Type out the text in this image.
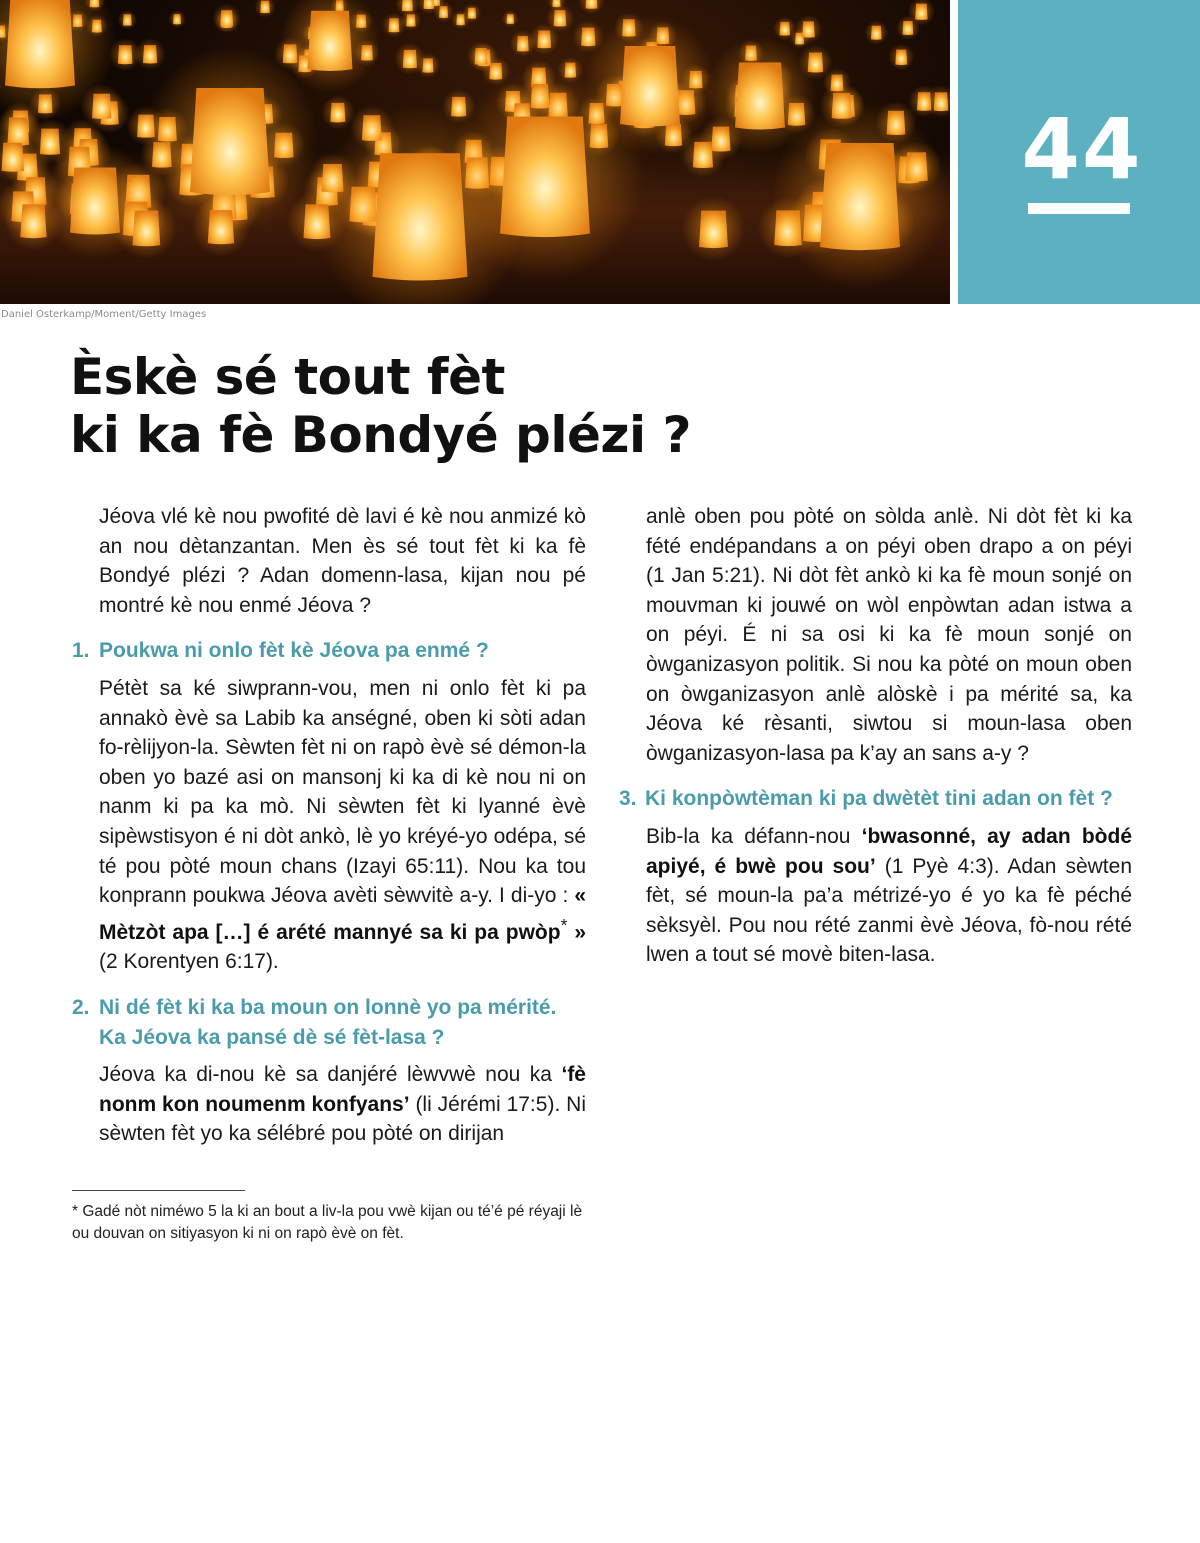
44
Daniel Osterkamp/Moment/Getty Images
Èskè sé tout fèt
ki ka fè Bondyé plézi ?

Jéova vlé kè nou pwofité dè lavi é kè nou anmizé kò an nou dètanzantan. Men ès sé tout fèt ki ka fè Bondyé plézi ? Adan domenn-lasa, kijan nou pé montré kè nou enmé Jéova ?

1. Poukwa ni onlo fèt kè Jéova pa enmé ?

Pétèt sa ké siwprann-vou, men ni onlo fèt ki pa annakò èvè sa Labib ka anségné, oben ki sòti adan fo-rèlijyon-la. Sèwten fèt ni on rapò èvè sé démon-la oben yo bazé asi on mansonj ki ka di kè nou ni on nanm ki pa ka mò. Ni sèwten fèt ki lyanné èvè sipèwstisyon é ni dòt ankò, lè yo kréyé-yo odépa, sé té pou pòté moun chans (Izayi 65:11). Nou ka tou konprann poukwa Jéova avèti sèwvitè a-y. I di-yo : « Mètzòt apa […] é arété mannyé sa ki pa pwòp* » (2 Korentyen 6:17).

2. Ni dé fèt ki ka ba moun on lonnè yo pa mérité. Ka Jéova ka pansé dè sé fèt-lasa ?

Jéova ka di-nou kè sa danjéré lèwvwè nou ka ‘fè nonm kon noumenm konfyans’ (li Jérémi 17:5). Ni sèwten fèt yo ka sélébré pou pòté on dirijan

* Gadé nòt niméwo 5 la ki an bout a liv-la pou vwè kijan ou té’é pé réyaji lè ou douvan on sitiyasyon ki ni on rapò èvè on fèt.

anlè oben pou pòté on sòlda anlè. Ni dòt fèt ki ka fété endépandans a on péyi oben drapo a on péyi (1 Jan 5:21). Ni dòt fèt ankò ki ka fè moun sonjé on mouvman ki jouwé on wòl enpòwtan adan istwa a on péyi. É ni sa osi ki ka fè moun sonjé on òwganizasyon politik. Si nou ka pòté on moun oben on òwganizasyon anlè alòskè i pa mérité sa, ka Jéova ké rèsanti, siwtou si moun-lasa oben òwganizasyon-lasa pa k’ay an sans a-y ?

3. Ki konpòwtèman ki pa dwètèt tini adan on fèt ?

Bib-la ka défann-nou ‘bwasonné, ay adan bòdé apiyé, é bwè pou sou’ (1 Pyè 4:3). Adan sèwten fèt, sé moun-la pa’a métrizé-yo é yo ka fè péché sèksyèl. Pou nou rété zanmi èvè Jéova, fò-nou rété lwen a tout sé movè biten-lasa.
